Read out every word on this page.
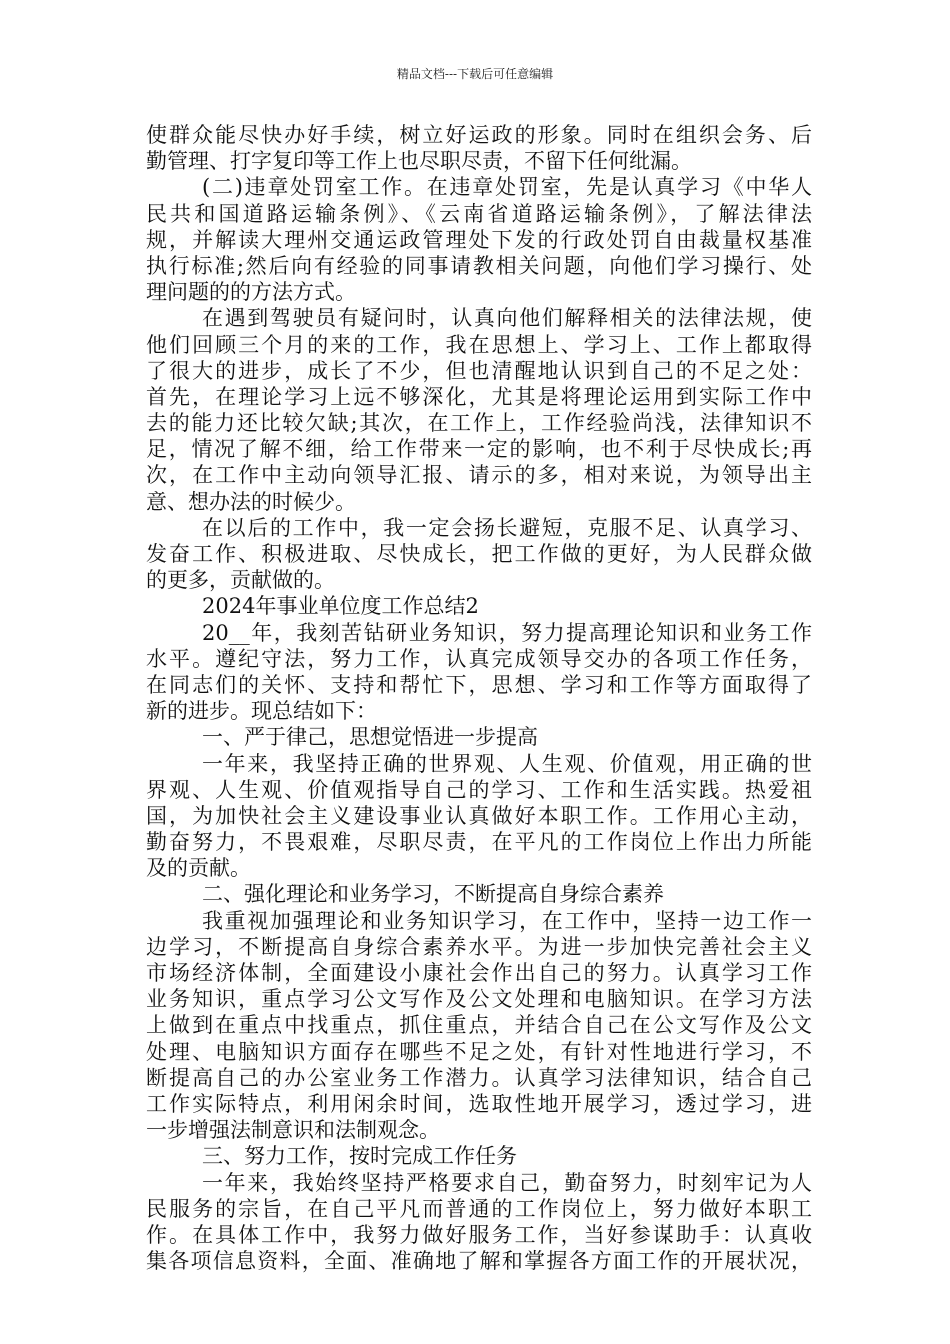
精品文档---下载后可任意编辑
使群众能尽快办好手续，树立好运政的形象。同时在组织会务、后
勤管理、打字复印等工作上也尽职尽责，不留下任何纰漏。
(二)违章处罚室工作。在违章处罚室，先是认真学习《中华人
民共和国道路运输条例》、《云南省道路运输条例》，了解法律法
规，并解读大理州交通运政管理处下发的行政处罚自由裁量权基准
执行标准;然后向有经验的同事请教相关问题，向他们学习操行、处
理问题的的方法方式。
在遇到驾驶员有疑问时，认真向他们解释相关的法律法规，使
他们回顾三个月的来的工作，我在思想上、学习上、工作上都取得
了很大的进步，成长了不少，但也清醒地认识到自己的不足之处：
首先，在理论学习上远不够深化，尤其是将理论运用到实际工作中
去的能力还比较欠缺;其次，在工作上，工作经验尚浅，法律知识不
足，情况了解不细，给工作带来一定的影响，也不利于尽快成长;再
次，在工作中主动向领导汇报、请示的多，相对来说，为领导出主
意、想办法的时候少。
在以后的工作中，我一定会扬长避短，克服不足、认真学习、
发奋工作、积极进取、尽快成长，把工作做的更好，为人民群众做
的更多，贡献做的。
2024年事业单位度工作总结2
20__年，我刻苦钻研业务知识，努力提高理论知识和业务工作
水平。遵纪守法，努力工作，认真完成领导交办的各项工作任务，
在同志们的关怀、支持和帮忙下，思想、学习和工作等方面取得了
新的进步。现总结如下：
一、严于律己，思想觉悟进一步提高
一年来，我坚持正确的世界观、人生观、价值观，用正确的世
界观、人生观、价值观指导自己的学习、工作和生活实践。热爱祖
国，为加快社会主义建设事业认真做好本职工作。工作用心主动，
勤奋努力，不畏艰难，尽职尽责，在平凡的工作岗位上作出力所能
及的贡献。
二、强化理论和业务学习，不断提高自身综合素养
我重视加强理论和业务知识学习，在工作中，坚持一边工作一
边学习，不断提高自身综合素养水平。为进一步加快完善社会主义
市场经济体制，全面建设小康社会作出自己的努力。认真学习工作
业务知识，重点学习公文写作及公文处理和电脑知识。在学习方法
上做到在重点中找重点，抓住重点，并结合自己在公文写作及公文
处理、电脑知识方面存在哪些不足之处，有针对性地进行学习，不
断提高自己的办公室业务工作潜力。认真学习法律知识，结合自己
工作实际特点，利用闲余时间，选取性地开展学习，透过学习，进
一步增强法制意识和法制观念。
三、努力工作，按时完成工作任务
一年来，我始终坚持严格要求自己，勤奋努力，时刻牢记为人
民服务的宗旨，在自己平凡而普通的工作岗位上，努力做好本职工
作。在具体工作中，我努力做好服务工作，当好参谋助手：认真收
集各项信息资料，全面、准确地了解和掌握各方面工作的开展状况，
